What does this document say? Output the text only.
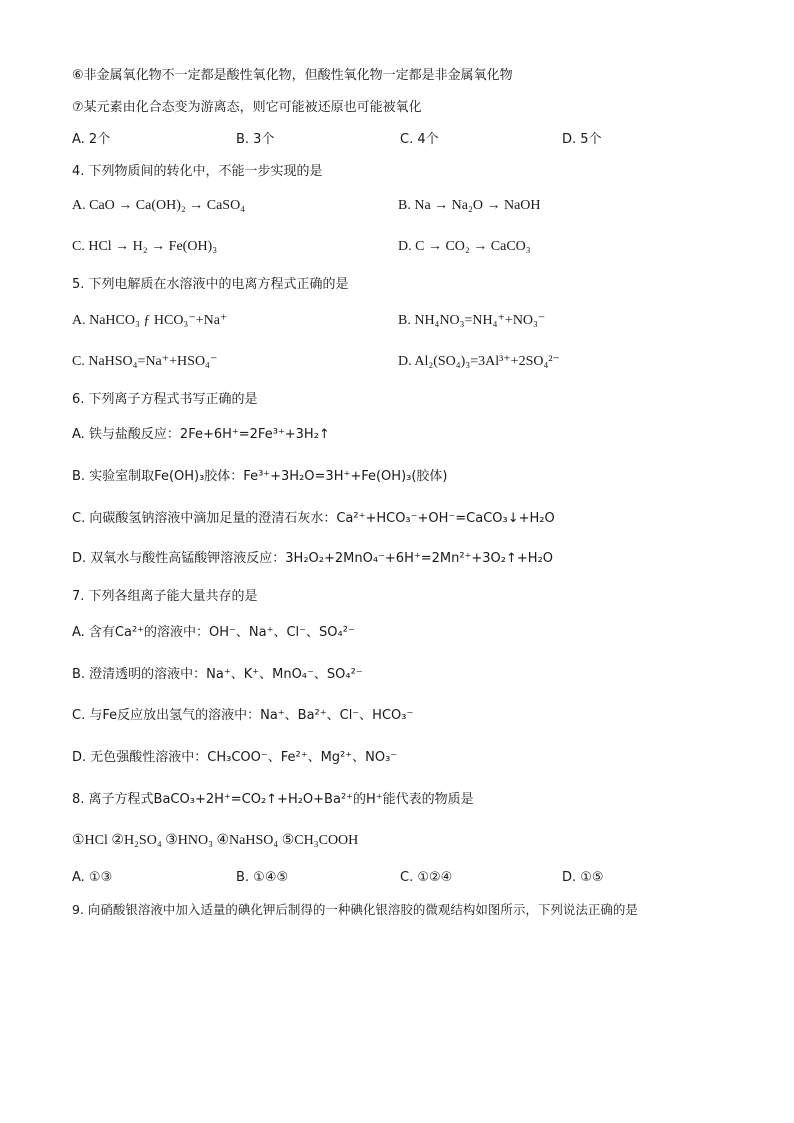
⑥非金属氧化物不一定都是酸性氧化物，但酸性氧化物一定都是非金属氧化物
⑦某元素由化合态变为游离态，则它可能被还原也可能被氧化
A. 2个	B. 3个	C. 4个	D. 5个
4. 下列物质间的转化中，不能一步实现的是
A. CaO → Ca(OH)₂ → CaSO₄	B. Na → Na₂O → NaOH
C. HCl → H₂ → Fe(OH)₃	D. C → CO₂ → CaCO₃
5. 下列电解质在水溶液中的电离方程式正确的是
A. NaHCO₃ ƒ HCO₃⁻+Na⁺	B. NH₄NO₃=NH₄⁺+NO₃⁻
C. NaHSO₄=Na⁺+HSO₄⁻	D. Al₂(SO₄)₃=3Al³⁺+2SO₄²⁻
6. 下列离子方程式书写正确的是
A. 铁与盐酸反应：2Fe+6H⁺=2Fe³⁺+3H₂↑
B. 实验室制取Fe(OH)₃胶体：Fe³⁺+3H₂O=3H⁺+Fe(OH)₃(胶体)
C. 向碳酸氢钠溶液中滴加足量的澄清石灰水：Ca²⁺+HCO₃⁻+OH⁻=CaCO₃↓+H₂O
D. 双氧水与酸性高锰酸钾溶液反应：3H₂O₂+2MnO₄⁻+6H⁺=2Mn²⁺+3O₂↑+H₂O
7. 下列各组离子能大量共存的是
A. 含有Ca²⁺的溶液中：OH⁻、Na⁺、Cl⁻、SO₄²⁻
B. 澄清透明的溶液中：Na⁺、K⁺、MnO₄⁻、SO₄²⁻
C. 与Fe反应放出氢气的溶液中：Na⁺、Ba²⁺、Cl⁻、HCO₃⁻
D. 无色强酸性溶液中：CH₃COO⁻、Fe²⁺、Mg²⁺、NO₃⁻
8. 离子方程式BaCO₃+2H⁺=CO₂↑+H₂O+Ba²⁺的H⁺能代表的物质是
①HCl ②H₂SO₄ ③HNO₃ ④NaHSO₄ ⑤CH₃COOH
A. ①③	B. ①④⑤	C. ①②④	D. ①⑤
9. 向硝酸银溶液中加入适量的碘化钾后制得的一种碘化银溶胶的微观结构如图所示，下列说法正确的是
